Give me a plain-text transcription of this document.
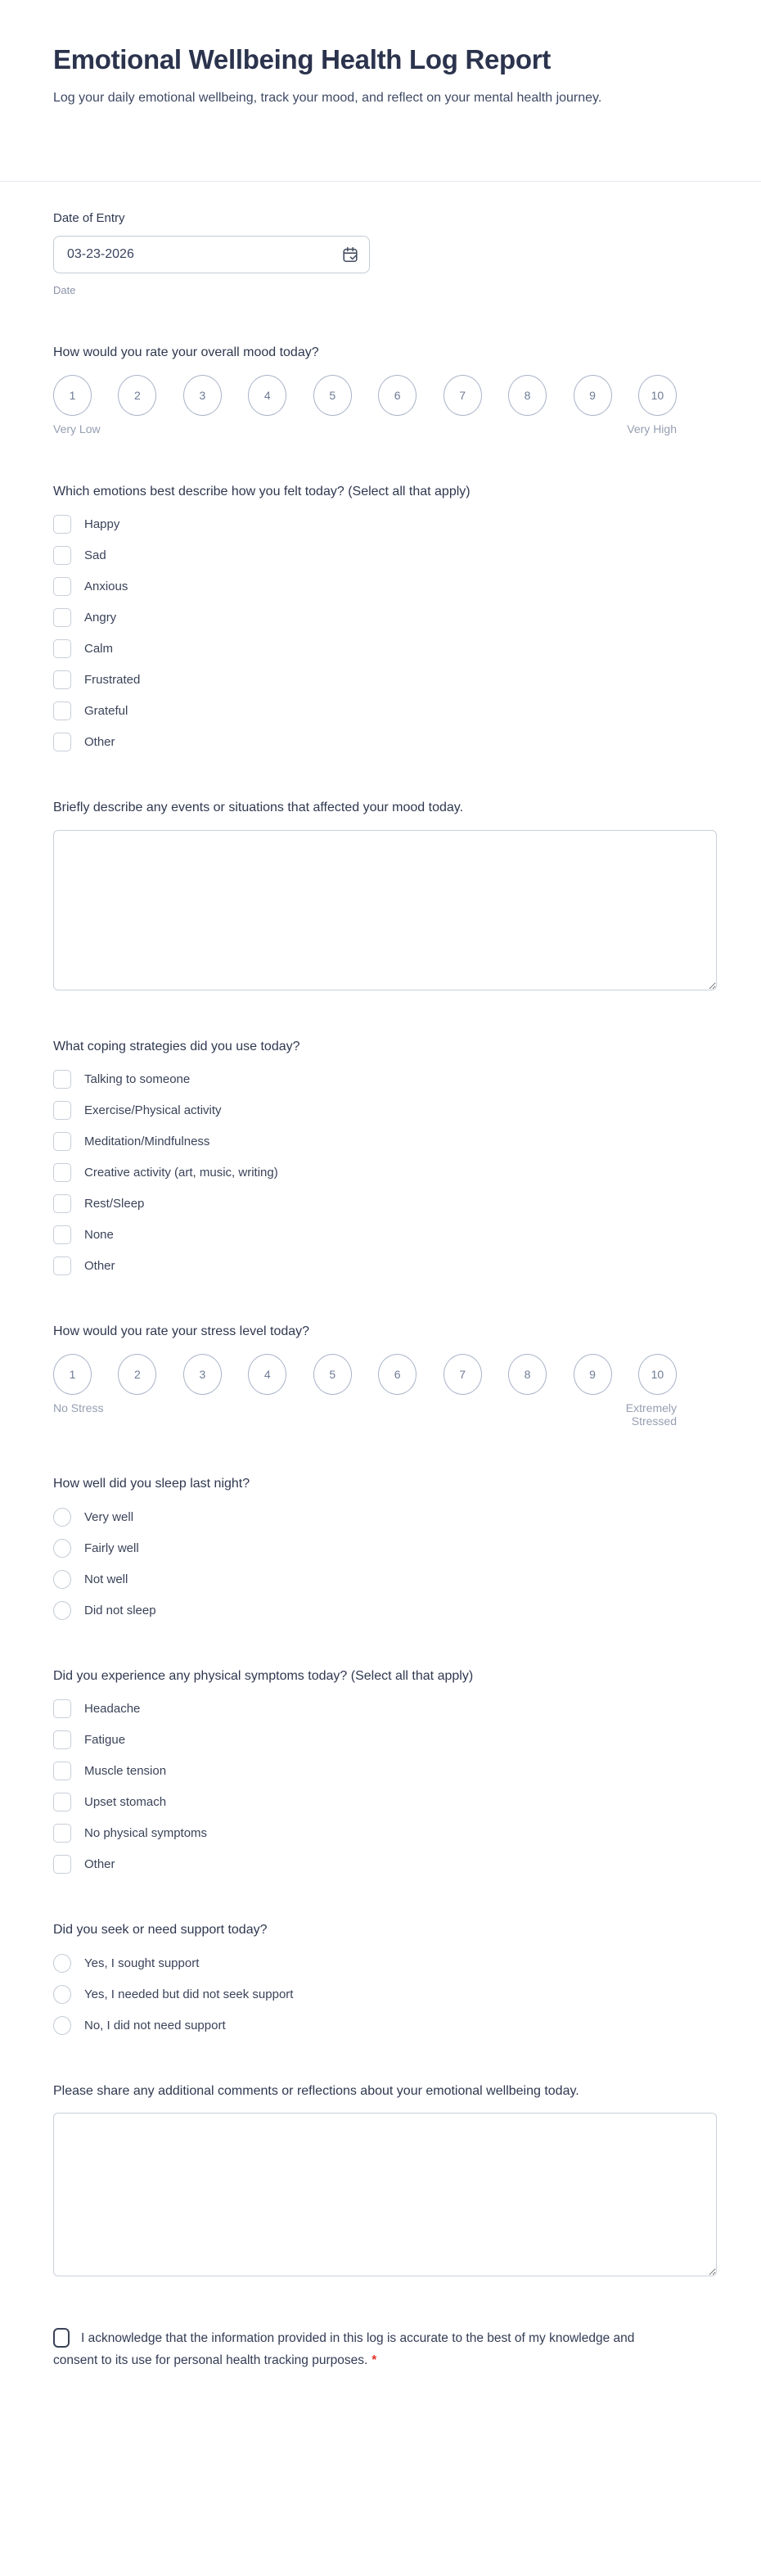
Emotional Wellbeing Health Log Report

Log your daily emotional wellbeing, track your mood, and reflect on your mental health journey.

Date of Entry
03-23-2026
Date

How would you rate your overall mood today?

1	2	3	4	5	6	7	8	9	10
Very Low	Very High

Which emotions best describe how you felt today? (Select all that apply)

Happy
Sad
Anxious
Angry
Calm
Frustrated
Grateful
Other

Briefly describe any events or situations that affected your mood today.

What coping strategies did you use today?

Talking to someone
Exercise/Physical activity
Meditation/Mindfulness
Creative activity (art, music, writing)
Rest/Sleep
None
Other

How would you rate your stress level today?

1	2	3	4	5	6	7	8	9	10
No Stress	Extremely Stressed

How well did you sleep last night?

Very well
Fairly well
Not well
Did not sleep

Did you experience any physical symptoms today? (Select all that apply)

Headache
Fatigue
Muscle tension
Upset stomach
No physical symptoms
Other

Did you seek or need support today?

Yes, I sought support
Yes, I needed but did not seek support
No, I did not need support

Please share any additional comments or reflections about your emotional wellbeing today.

I acknowledge that the information provided in this log is accurate to the best of my knowledge and consent to its use for personal health tracking purposes. *
